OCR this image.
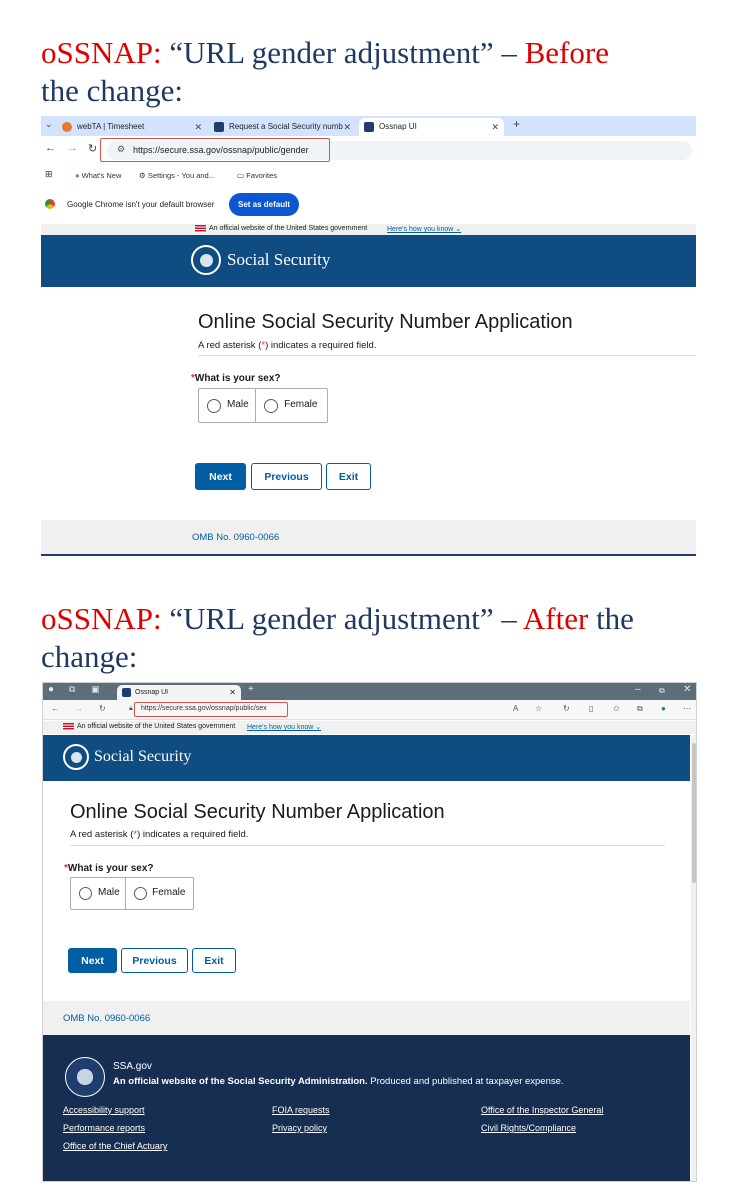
oSSNAP: “URL gender adjustment” – Before
the change:
⌄	webTA | Timesheet	✕	Request a Social Security numb ✕	Ossnap UI	✕ +
← → ↻ ⚙ https://secure.ssa.gov/ossnap/public/gender
⊞	● What's New ⚙ Settings - You and...	▭ Favorites
Google Chrome isn't your default browser	Set as default
An official website of the United States government	Here's how you know ⌄
Social Security
Online Social Security Number Application
A red asterisk (*) indicates a required field.
*What is your sex?
Male	Female
Next	Previous	Exit
OMB No. 0960-0066
oSSNAP: “URL gender adjustment” – After the change:
● ⧉ ▣	Ossnap UI	✕ +	– ⧉ ✕
← → ↻	🔒︎ https://secure.ssa.gov/ossnap/public/sex	A ☆	↻ ▯ ✩ ⧉ ● ⋯
An official website of the United States government Here's how you know ⌄
Social Security
Online Social Security Number Application
A red asterisk (*) indicates a required field.
*What is your sex?
Male	Female
Next	Previous	Exit
OMB No. 0960-0066
SSA.gov
An official website of the Social Security Administration. Produced and published at taxpayer expense.
Accessibility support	FOIA requests	Office of the Inspector General
Performance reports	Privacy policy	Civil Rights/Compliance
Office of the Chief Actuary
